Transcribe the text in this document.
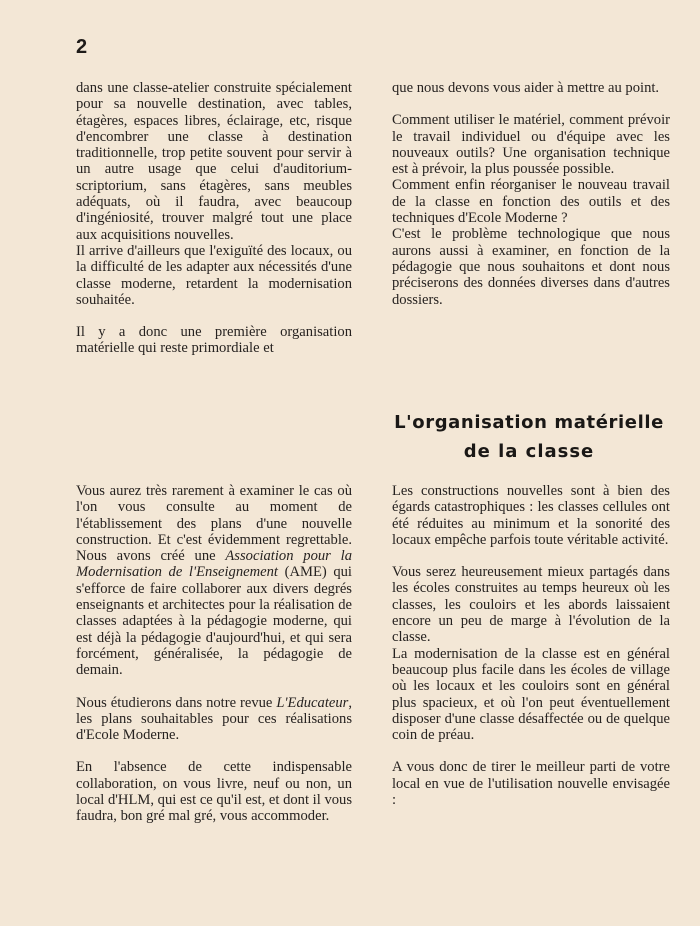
2

dans une classe-atelier construite spécialement pour sa nouvelle destination, avec tables, étagères, espaces libres, éclairage, etc, risque d'encombrer une classe à destination traditionnelle, trop petite souvent pour servir à un autre usage que celui d'auditorium-scriptorium, sans étagères, sans meubles adéquats, où il faudra, avec beaucoup d'ingéniosité, trouver malgré tout une place aux acquisitions nouvelles.

Il arrive d'ailleurs que l'exiguïté des locaux, ou la difficulté de les adapter aux nécessités d'une classe moderne, retardent la modernisation souhaitée.

Il y a donc une première organisation matérielle qui reste primordiale et

que nous devons vous aider à mettre au point.

Comment utiliser le matériel, comment prévoir le travail individuel ou d'équipe avec les nouveaux outils? Une organisation technique est à prévoir, la plus poussée possible.

Comment enfin réorganiser le nouveau travail de la classe en fonction des outils et des techniques d'Ecole Moderne ?

C'est le problème technologique que nous aurons aussi à examiner, en fonction de la pédagogie que nous souhaitons et dont nous préciserons des données diverses dans d'autres dossiers.

L'organisation matérielle
de la classe

Vous aurez très rarement à examiner le cas où l'on vous consulte au moment de l'établissement des plans d'une nouvelle construction. Et c'est évidemment regrettable. Nous avons créé une Association pour la Modernisation de l'Enseignement (AME) qui s'efforce de faire collaborer aux divers degrés enseignants et architectes pour la réalisation de classes adaptées à la pédagogie moderne, qui est déjà la pédagogie d'aujourd'hui, et qui sera forcément, généralisée, la pédagogie de demain.

Nous étudierons dans notre revue L'Educateur, les plans souhaitables pour ces réalisations d'Ecole Moderne.

En l'absence de cette indispensable collaboration, on vous livre, neuf ou non, un local d'HLM, qui est ce qu'il est, et dont il vous faudra, bon gré mal gré, vous accommoder.

Les constructions nouvelles sont à bien des égards catastrophiques : les classes cellules ont été réduites au minimum et la sonorité des locaux empêche parfois toute véritable activité.

Vous serez heureusement mieux partagés dans les écoles construites au temps heureux où les classes, les couloirs et les abords laissaient encore un peu de marge à l'évolution de la classe.

La modernisation de la classe est en général beaucoup plus facile dans les écoles de village où les locaux et les couloirs sont en général plus spacieux, et où l'on peut éventuellement disposer d'une classe désaffectée ou de quelque coin de préau.

A vous donc de tirer le meilleur parti de votre local en vue de l'utilisation nouvelle envisagée :
